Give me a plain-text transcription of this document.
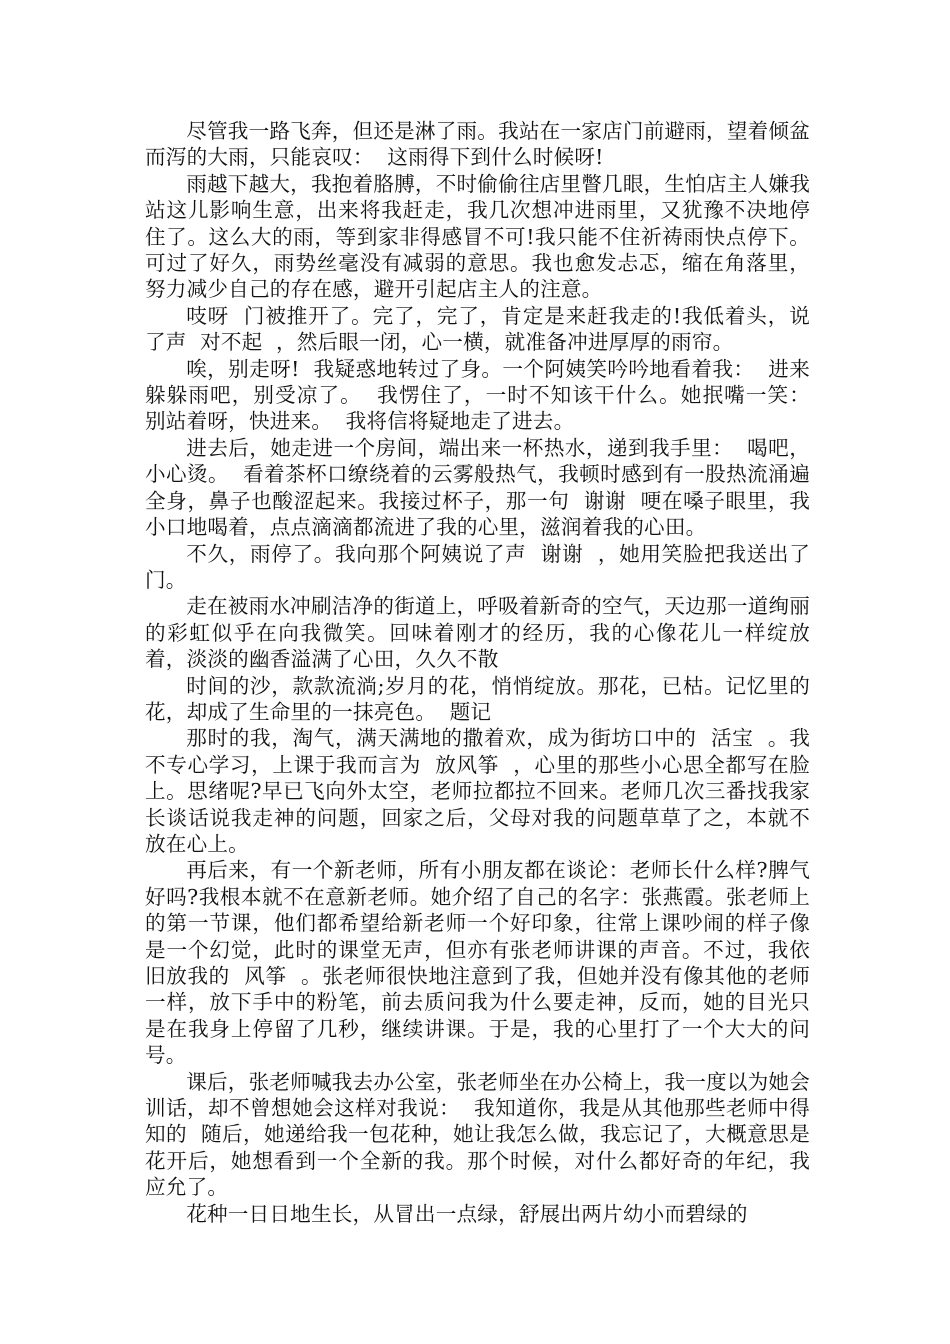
尽管我一路飞奔，但还是淋了雨。我站在一家店门前避雨，望着倾盆而泻的大雨，只能哀叹：  这雨得下到什么时候呀!

雨越下越大，我抱着胳膊，不时偷偷往店里瞥几眼，生怕店主人嫌我站这儿影响生意，出来将我赶走，我几次想冲进雨里，又犹豫不决地停住了。这么大的雨，等到家非得感冒不可!我只能不住祈祷雨快点停下。可过了好久，雨势丝毫没有减弱的意思。我也愈发忐忑，缩在角落里，努力减少自己的存在感，避开引起店主人的注意。

吱呀  门被推开了。完了，完了，肯定是来赶我走的!我低着头，说了声  对不起  ，然后眼一闭，心一横，就准备冲进厚厚的雨帘。

唉，别走呀!  我疑惑地转过了身。一个阿姨笑吟吟地看着我：  进来躲躲雨吧，别受凉了。  我愣住了，一时不知该干什么。她抿嘴一笑：  别站着呀，快进来。  我将信将疑地走了进去。

进去后，她走进一个房间，端出来一杯热水，递到我手里：  喝吧，小心烫。  看着茶杯口缭绕着的云雾般热气，我顿时感到有一股热流涌遍全身，鼻子也酸涩起来。我接过杯子，那一句  谢谢  哽在嗓子眼里，我小口地喝着，点点滴滴都流进了我的心里，滋润着我的心田。

不久，雨停了。我向那个阿姨说了声  谢谢  ，她用笑脸把我送出了门。

走在被雨水冲刷洁净的街道上，呼吸着新奇的空气，天边那一道绚丽的彩虹似乎在向我微笑。回味着刚才的经历，我的心像花儿一样绽放着，淡淡的幽香溢满了心田，久久不散

时间的沙，款款流淌;岁月的花，悄悄绽放。那花，已枯。记忆里的花，却成了生命里的一抹亮色。  题记

那时的我，淘气，满天满地的撒着欢，成为街坊口中的  活宝  。我不专心学习，上课于我而言为  放风筝  ，心里的那些小心思全都写在脸上。思绪呢?早已飞向外太空，老师拉都拉不回来。老师几次三番找我家长谈话说我走神的问题，回家之后，父母对我的问题草草了之，本就不放在心上。

再后来，有一个新老师，所有小朋友都在谈论：老师长什么样?脾气好吗?我根本就不在意新老师。她介绍了自己的名字：张燕霞。张老师上的第一节课，他们都希望给新老师一个好印象，往常上课吵闹的样子像是一个幻觉，此时的课堂无声，但亦有张老师讲课的声音。不过，我依旧放我的  风筝  。张老师很快地注意到了我，但她并没有像其他的老师一样，放下手中的粉笔，前去质问我为什么要走神，反而，她的目光只是在我身上停留了几秒，继续讲课。于是，我的心里打了一个大大的问号。

课后，张老师喊我去办公室，张老师坐在办公椅上，我一度以为她会训话，却不曾想她会这样对我说：  我知道你，我是从其他那些老师中得知的  随后，她递给我一包花种，她让我怎么做，我忘记了，大概意思是花开后，她想看到一个全新的我。那个时候，对什么都好奇的年纪，我应允了。

花种一日日地生长，从冒出一点绿，舒展出两片幼小而碧绿的
